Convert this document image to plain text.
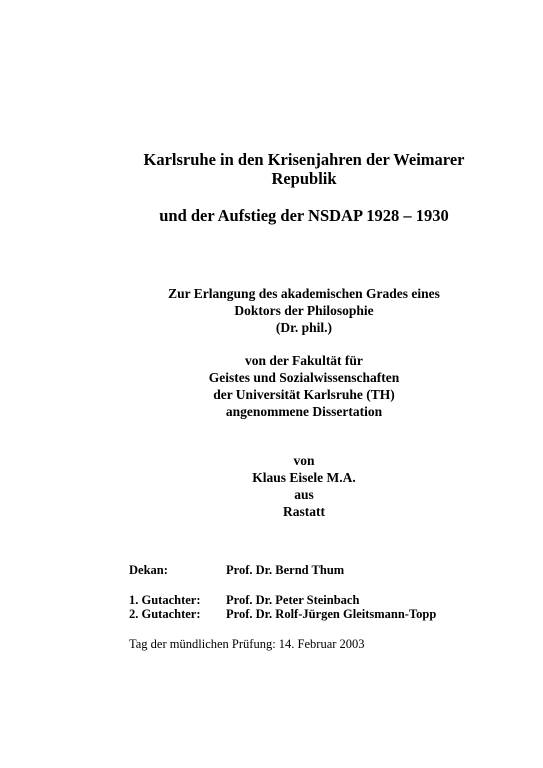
Karlsruhe in den Krisenjahren der Weimarer
Republik
und der Aufstieg der NSDAP 1928 – 1930
Zur Erlangung des akademischen Grades eines
Doktors der Philosophie
(Dr. phil.)
von der Fakultät für
Geistes und Sozialwissenschaften
der Universität Karlsruhe (TH)
angenommene Dissertation
von
Klaus Eisele M.A.
aus
Rastatt
Dekan:	Prof. Dr. Bernd Thum
1. Gutachter: Prof. Dr. Peter Steinbach
2. Gutachter: Prof. Dr. Rolf-Jürgen Gleitsmann-Topp
Tag der mündlichen Prüfung: 14. Februar 2003
